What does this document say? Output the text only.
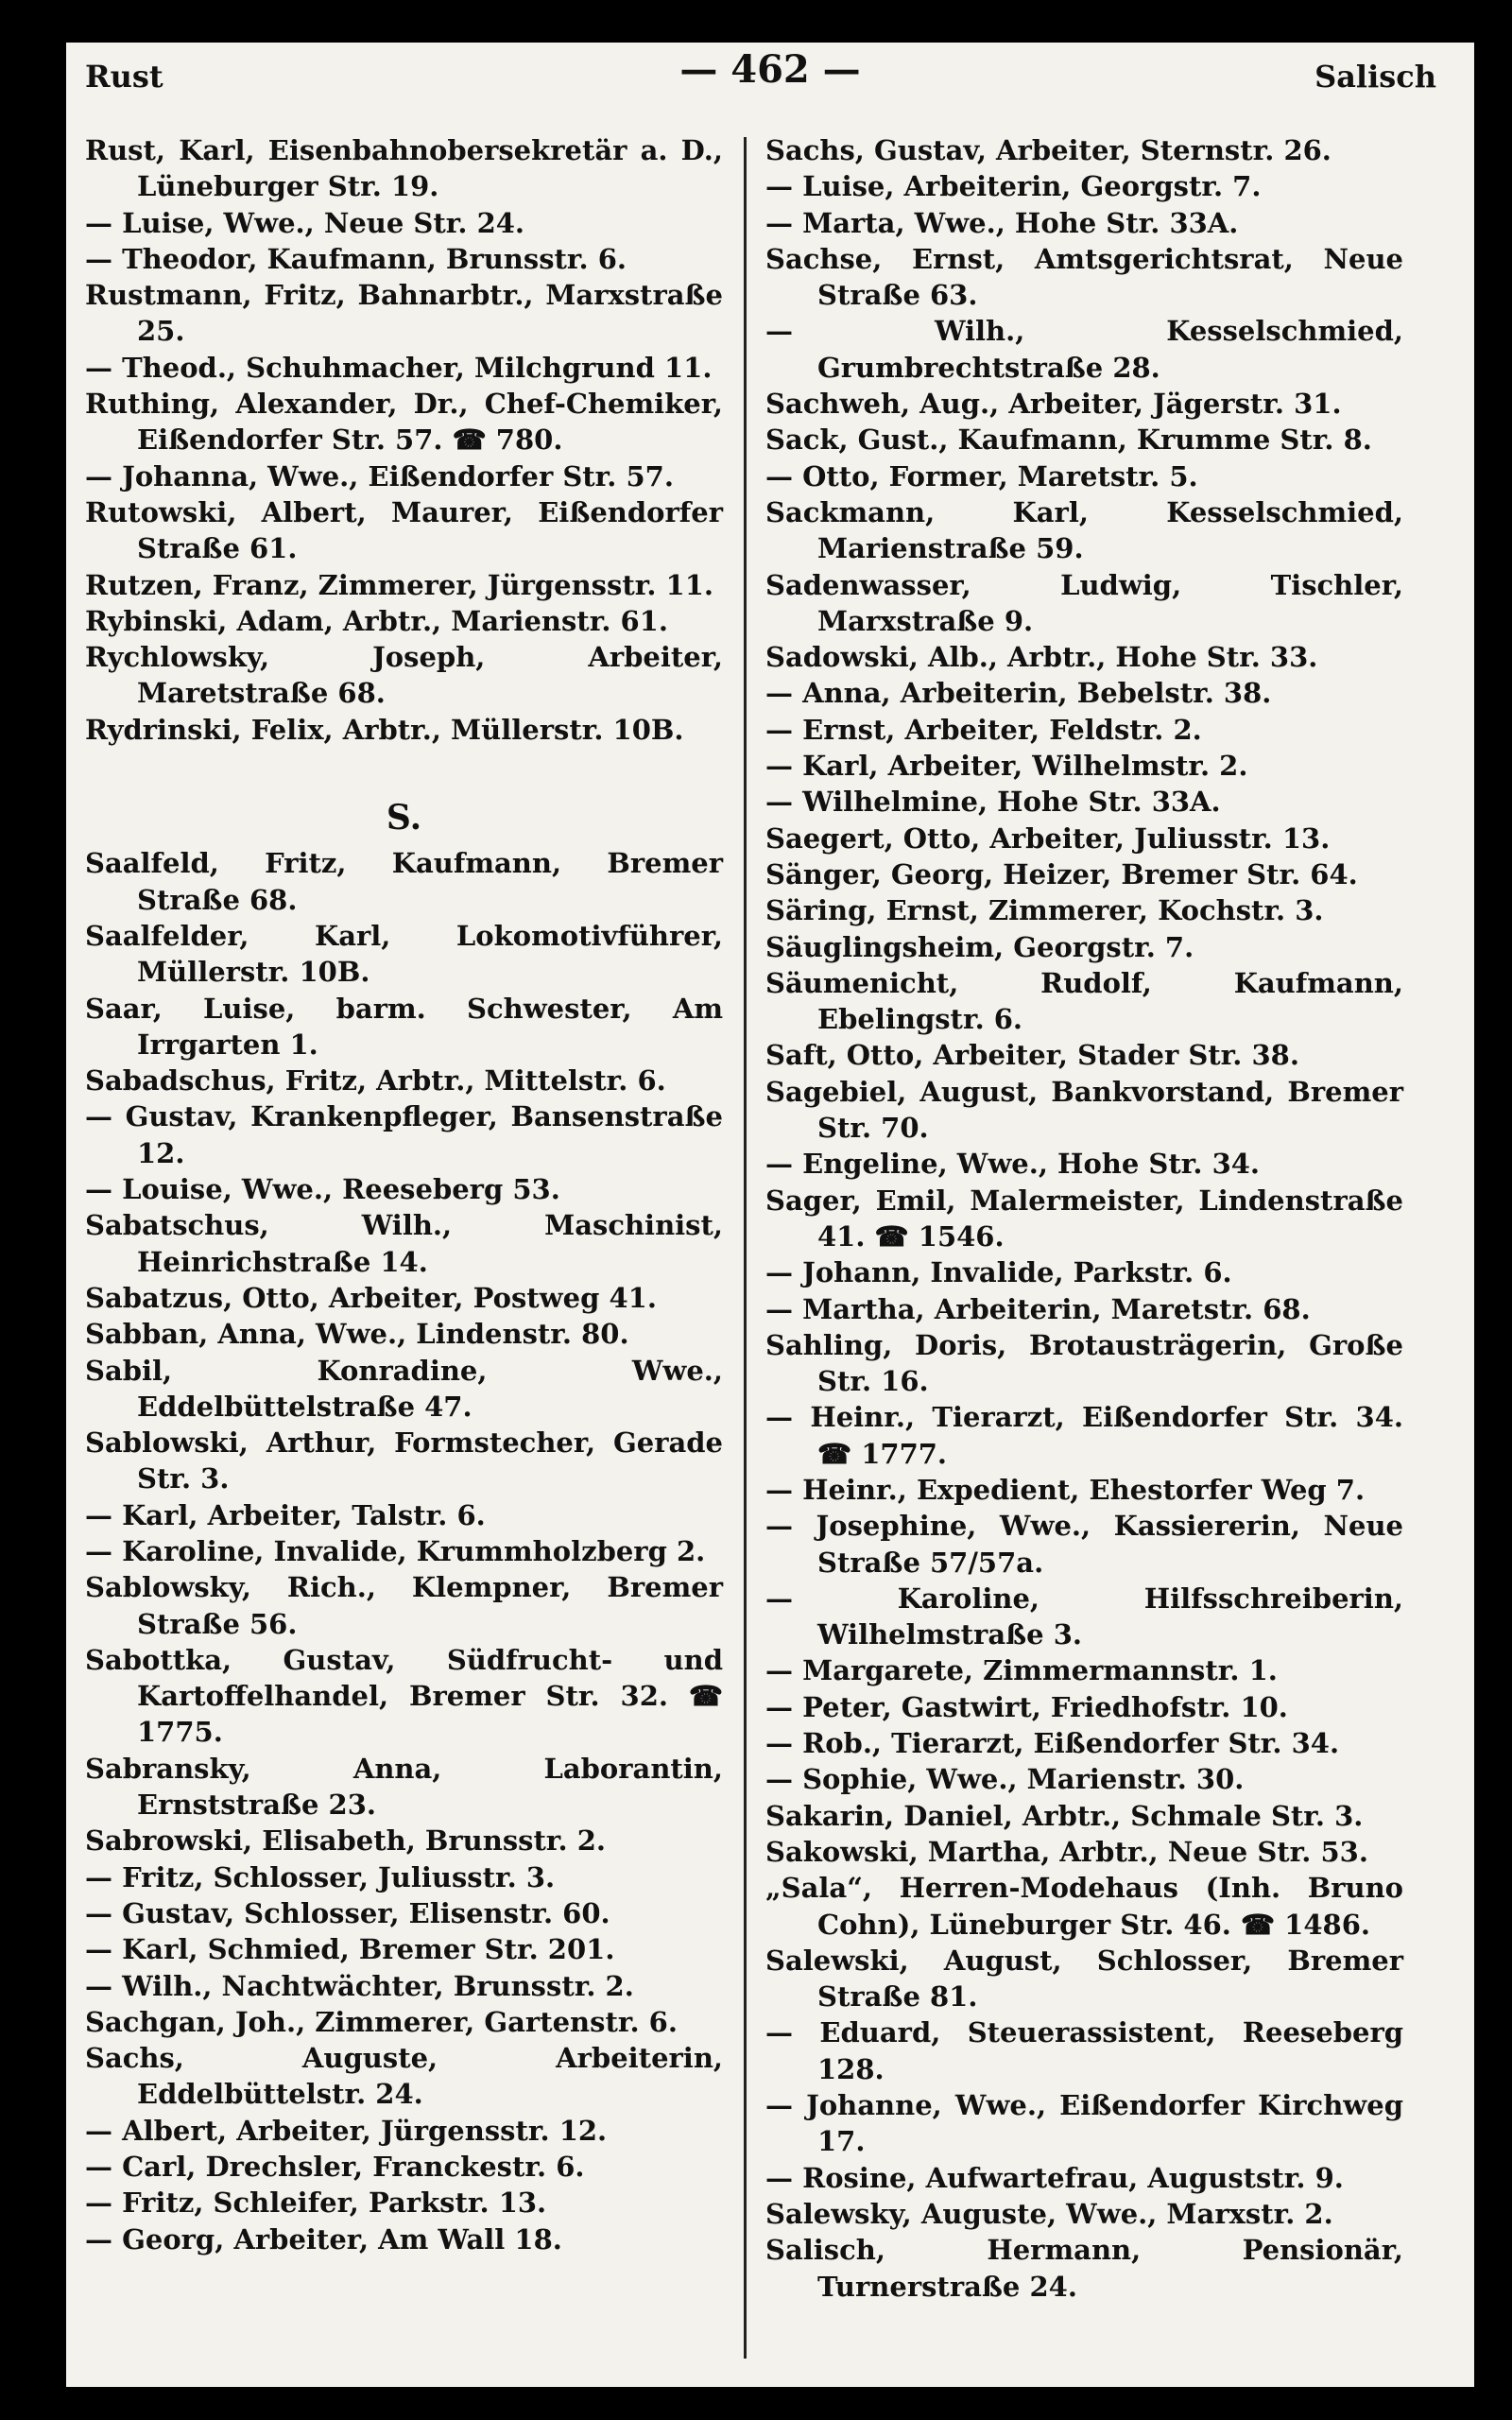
Rust	— 462 —	Salisch

Rust, Karl, Eisenbahnobersekretär a. D., Lüneburger Str. 19.

— Luise, Wwe., Neue Str. 24.

— Theodor, Kaufmann, Brunsstr. 6.

Rustmann, Fritz, Bahnarbtr., Marxstraße 25.

— Theod., Schuhmacher, Milchgrund 11.

Ruthing, Alexander, Dr., Chef-Chemiker, Eißendorfer Str. 57. ☎ 780.

— Johanna, Wwe., Eißendorfer Str. 57.

Rutowski, Albert, Maurer, Eißendorfer Straße 61.

Rutzen, Franz, Zimmerer, Jürgensstr. 11.

Rybinski, Adam, Arbtr., Marienstr. 61.

Rychlowsky, Joseph, Arbeiter, Maretstraße 68.

Rydrinski, Felix, Arbtr., Müllerstr. 10B.

S.

Saalfeld, Fritz, Kaufmann, Bremer Straße 68.

Saalfelder, Karl, Lokomotivführer, Müllerstr. 10B.

Saar, Luise, barm. Schwester, Am Irrgarten 1.

Sabadschus, Fritz, Arbtr., Mittelstr. 6.

— Gustav, Krankenpfleger, Bansenstraße 12.

— Louise, Wwe., Reeseberg 53.

Sabatschus, Wilh., Maschinist, Heinrichstraße 14.

Sabatzus, Otto, Arbeiter, Postweg 41.

Sabban, Anna, Wwe., Lindenstr. 80.

Sabil, Konradine, Wwe., Eddelbüttelstraße 47.

Sablowski, Arthur, Formstecher, Gerade Str. 3.

— Karl, Arbeiter, Talstr. 6.

— Karoline, Invalide, Krummholzberg 2.

Sablowsky, Rich., Klempner, Bremer Straße 56.

Sabottka, Gustav, Südfrucht- und Kartoffelhandel, Bremer Str. 32. ☎ 1775.

Sabransky, Anna, Laborantin, Ernststraße 23.

Sabrowski, Elisabeth, Brunsstr. 2.

— Fritz, Schlosser, Juliusstr. 3.

— Gustav, Schlosser, Elisenstr. 60.

— Karl, Schmied, Bremer Str. 201.

— Wilh., Nachtwächter, Brunsstr. 2.

Sachgan, Joh., Zimmerer, Gartenstr. 6.

Sachs, Auguste, Arbeiterin, Eddelbüttelstr. 24.

— Albert, Arbeiter, Jürgensstr. 12.

— Carl, Drechsler, Franckestr. 6.

— Fritz, Schleifer, Parkstr. 13.

— Georg, Arbeiter, Am Wall 18.

Sachs, Gustav, Arbeiter, Sternstr. 26.

— Luise, Arbeiterin, Georgstr. 7.

— Marta, Wwe., Hohe Str. 33A.

Sachse, Ernst, Amtsgerichtsrat, Neue Straße 63.

— Wilh., Kesselschmied, Grumbrechtstraße 28.

Sachweh, Aug., Arbeiter, Jägerstr. 31.

Sack, Gust., Kaufmann, Krumme Str. 8.

— Otto, Former, Maretstr. 5.

Sackmann, Karl, Kesselschmied, Marienstraße 59.

Sadenwasser, Ludwig, Tischler, Marxstraße 9.

Sadowski, Alb., Arbtr., Hohe Str. 33.

— Anna, Arbeiterin, Bebelstr. 38.

— Ernst, Arbeiter, Feldstr. 2.

— Karl, Arbeiter, Wilhelmstr. 2.

— Wilhelmine, Hohe Str. 33A.

Saegert, Otto, Arbeiter, Juliusstr. 13.

Sänger, Georg, Heizer, Bremer Str. 64.

Säring, Ernst, Zimmerer, Kochstr. 3.

Säuglingsheim, Georgstr. 7.

Säumenicht, Rudolf, Kaufmann, Ebelingstr. 6.

Saft, Otto, Arbeiter, Stader Str. 38.

Sagebiel, August, Bankvorstand, Bremer Str. 70.

— Engeline, Wwe., Hohe Str. 34.

Sager, Emil, Malermeister, Lindenstraße 41. ☎ 1546.

— Johann, Invalide, Parkstr. 6.

— Martha, Arbeiterin, Maretstr. 68.

Sahling, Doris, Brotausträgerin, Große Str. 16.

— Heinr., Tierarzt, Eißendorfer Str. 34. ☎ 1777.

— Heinr., Expedient, Ehestorfer Weg 7.

— Josephine, Wwe., Kassiererin, Neue Straße 57/57a.

— Karoline, Hilfsschreiberin, Wilhelmstraße 3.

— Margarete, Zimmermannstr. 1.

— Peter, Gastwirt, Friedhofstr. 10.

— Rob., Tierarzt, Eißendorfer Str. 34.

— Sophie, Wwe., Marienstr. 30.

Sakarin, Daniel, Arbtr., Schmale Str. 3.

Sakowski, Martha, Arbtr., Neue Str. 53.

„Sala“, Herren-Modehaus (Inh. Bruno Cohn), Lüneburger Str. 46. ☎ 1486.

Salewski, August, Schlosser, Bremer Straße 81.

— Eduard, Steuerassistent, Reeseberg 128.

— Johanne, Wwe., Eißendorfer Kirchweg 17.

— Rosine, Aufwartefrau, Auguststr. 9.

Salewsky, Auguste, Wwe., Marxstr. 2.

Salisch, Hermann, Pensionär, Turnerstraße 24.
